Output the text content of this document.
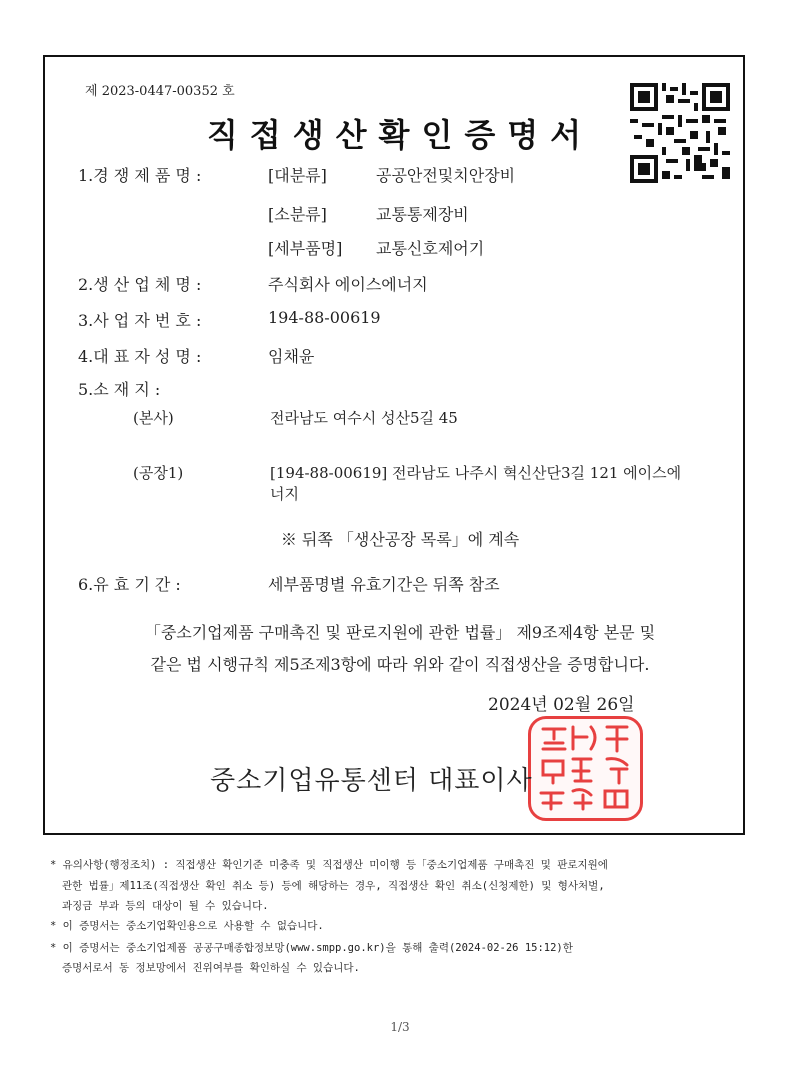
제 2023-0447-00352 호
직접생산확인증명서
1.경 쟁 제 품 명 :	[대분류]	공공안전및치안장비
[소분류]	교통통제장비
[세부품명] 교통신호제어기
2.생 산 업 체 명 :	주식회사 에이스에너지
3.사 업 자 번 호 :	194-88-00619
4.대 표 자 성 명 :	임채윤
5.소 재 지 :
(본사)	전라남도 여수시 성산5길 45
(공장1)	[194-88-00619] 전라남도 나주시 혁신산단3길 121 에이스에
너지
※ 뒤쪽 「생산공장 목록」에 계속
6.유 효 기 간 :	세부품명별 유효기간은 뒤쪽 참조
「중소기업제품 구매촉진 및 판로지원에 관한 법률」 제9조제4항 본문 및
같은 법 시행규칙 제5조제3항에 따라 위와 같이 직접생산을 증명합니다.
2024년 02월 26일
중소기업유통센터 대표이사
* 유의사항(행정조치) : 직접생산 확인기준 미충족 및 직접생산 미이행 등「중소기업제품 구매촉진 및 판로지원에
관한 법률」제11조(직접생산 확인 취소 등) 등에 해당하는 경우, 직접생산 확인 취소(신청제한) 및 형사처벌,
과징금 부과 등의 대상이 될 수 있습니다.
* 이 증명서는 중소기업확인용으로 사용할 수 없습니다.
* 이 증명서는 중소기업제품 공공구매종합정보망(www.smpp.go.kr)을 통해 출력(2024-02-26 15:12)한
증명서로서 동 정보망에서 진위여부를 확인하실 수 있습니다.
1/3
